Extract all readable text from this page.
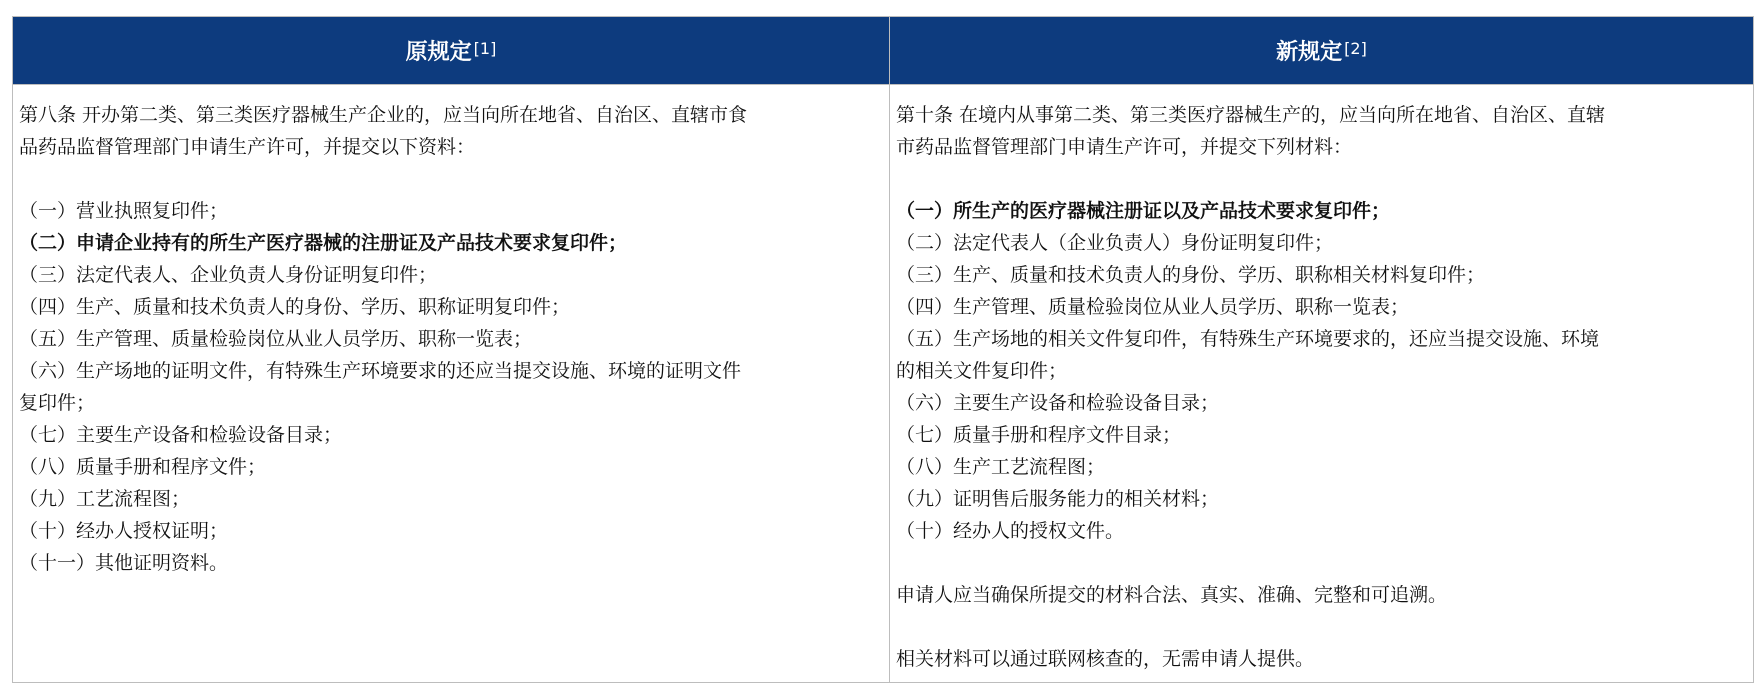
原规定[1]	新规定[2]
第八条 开办第二类、第三类医疗器械生产企业的，应当向所在地省、自治区、直辖市食
品药品监督管理部门申请生产许可，并提交以下资料：
（一）营业执照复印件；
（二）申请企业持有的所生产医疗器械的注册证及产品技术要求复印件；
（三）法定代表人、企业负责人身份证明复印件；
（四）生产、质量和技术负责人的身份、学历、职称证明复印件；
（五）生产管理、质量检验岗位从业人员学历、职称一览表；
（六）生产场地的证明文件，有特殊生产环境要求的还应当提交设施、环境的证明文件
复印件；
（七）主要生产设备和检验设备目录；
（八）质量手册和程序文件；
（九）工艺流程图；
（十）经办人授权证明；
（十一）其他证明资料。
第十条 在境内从事第二类、第三类医疗器械生产的，应当向所在地省、自治区、直辖
市药品监督管理部门申请生产许可，并提交下列材料：
（一）所生产的医疗器械注册证以及产品技术要求复印件；
（二）法定代表人（企业负责人）身份证明复印件；
（三）生产、质量和技术负责人的身份、学历、职称相关材料复印件；
（四）生产管理、质量检验岗位从业人员学历、职称一览表；
（五）生产场地的相关文件复印件，有特殊生产环境要求的，还应当提交设施、环境
的相关文件复印件；
（六）主要生产设备和检验设备目录；
（七）质量手册和程序文件目录；
（八）生产工艺流程图；
（九）证明售后服务能力的相关材料；
（十）经办人的授权文件。
申请人应当确保所提交的材料合法、真实、准确、完整和可追溯。
相关材料可以通过联网核查的，无需申请人提供。
